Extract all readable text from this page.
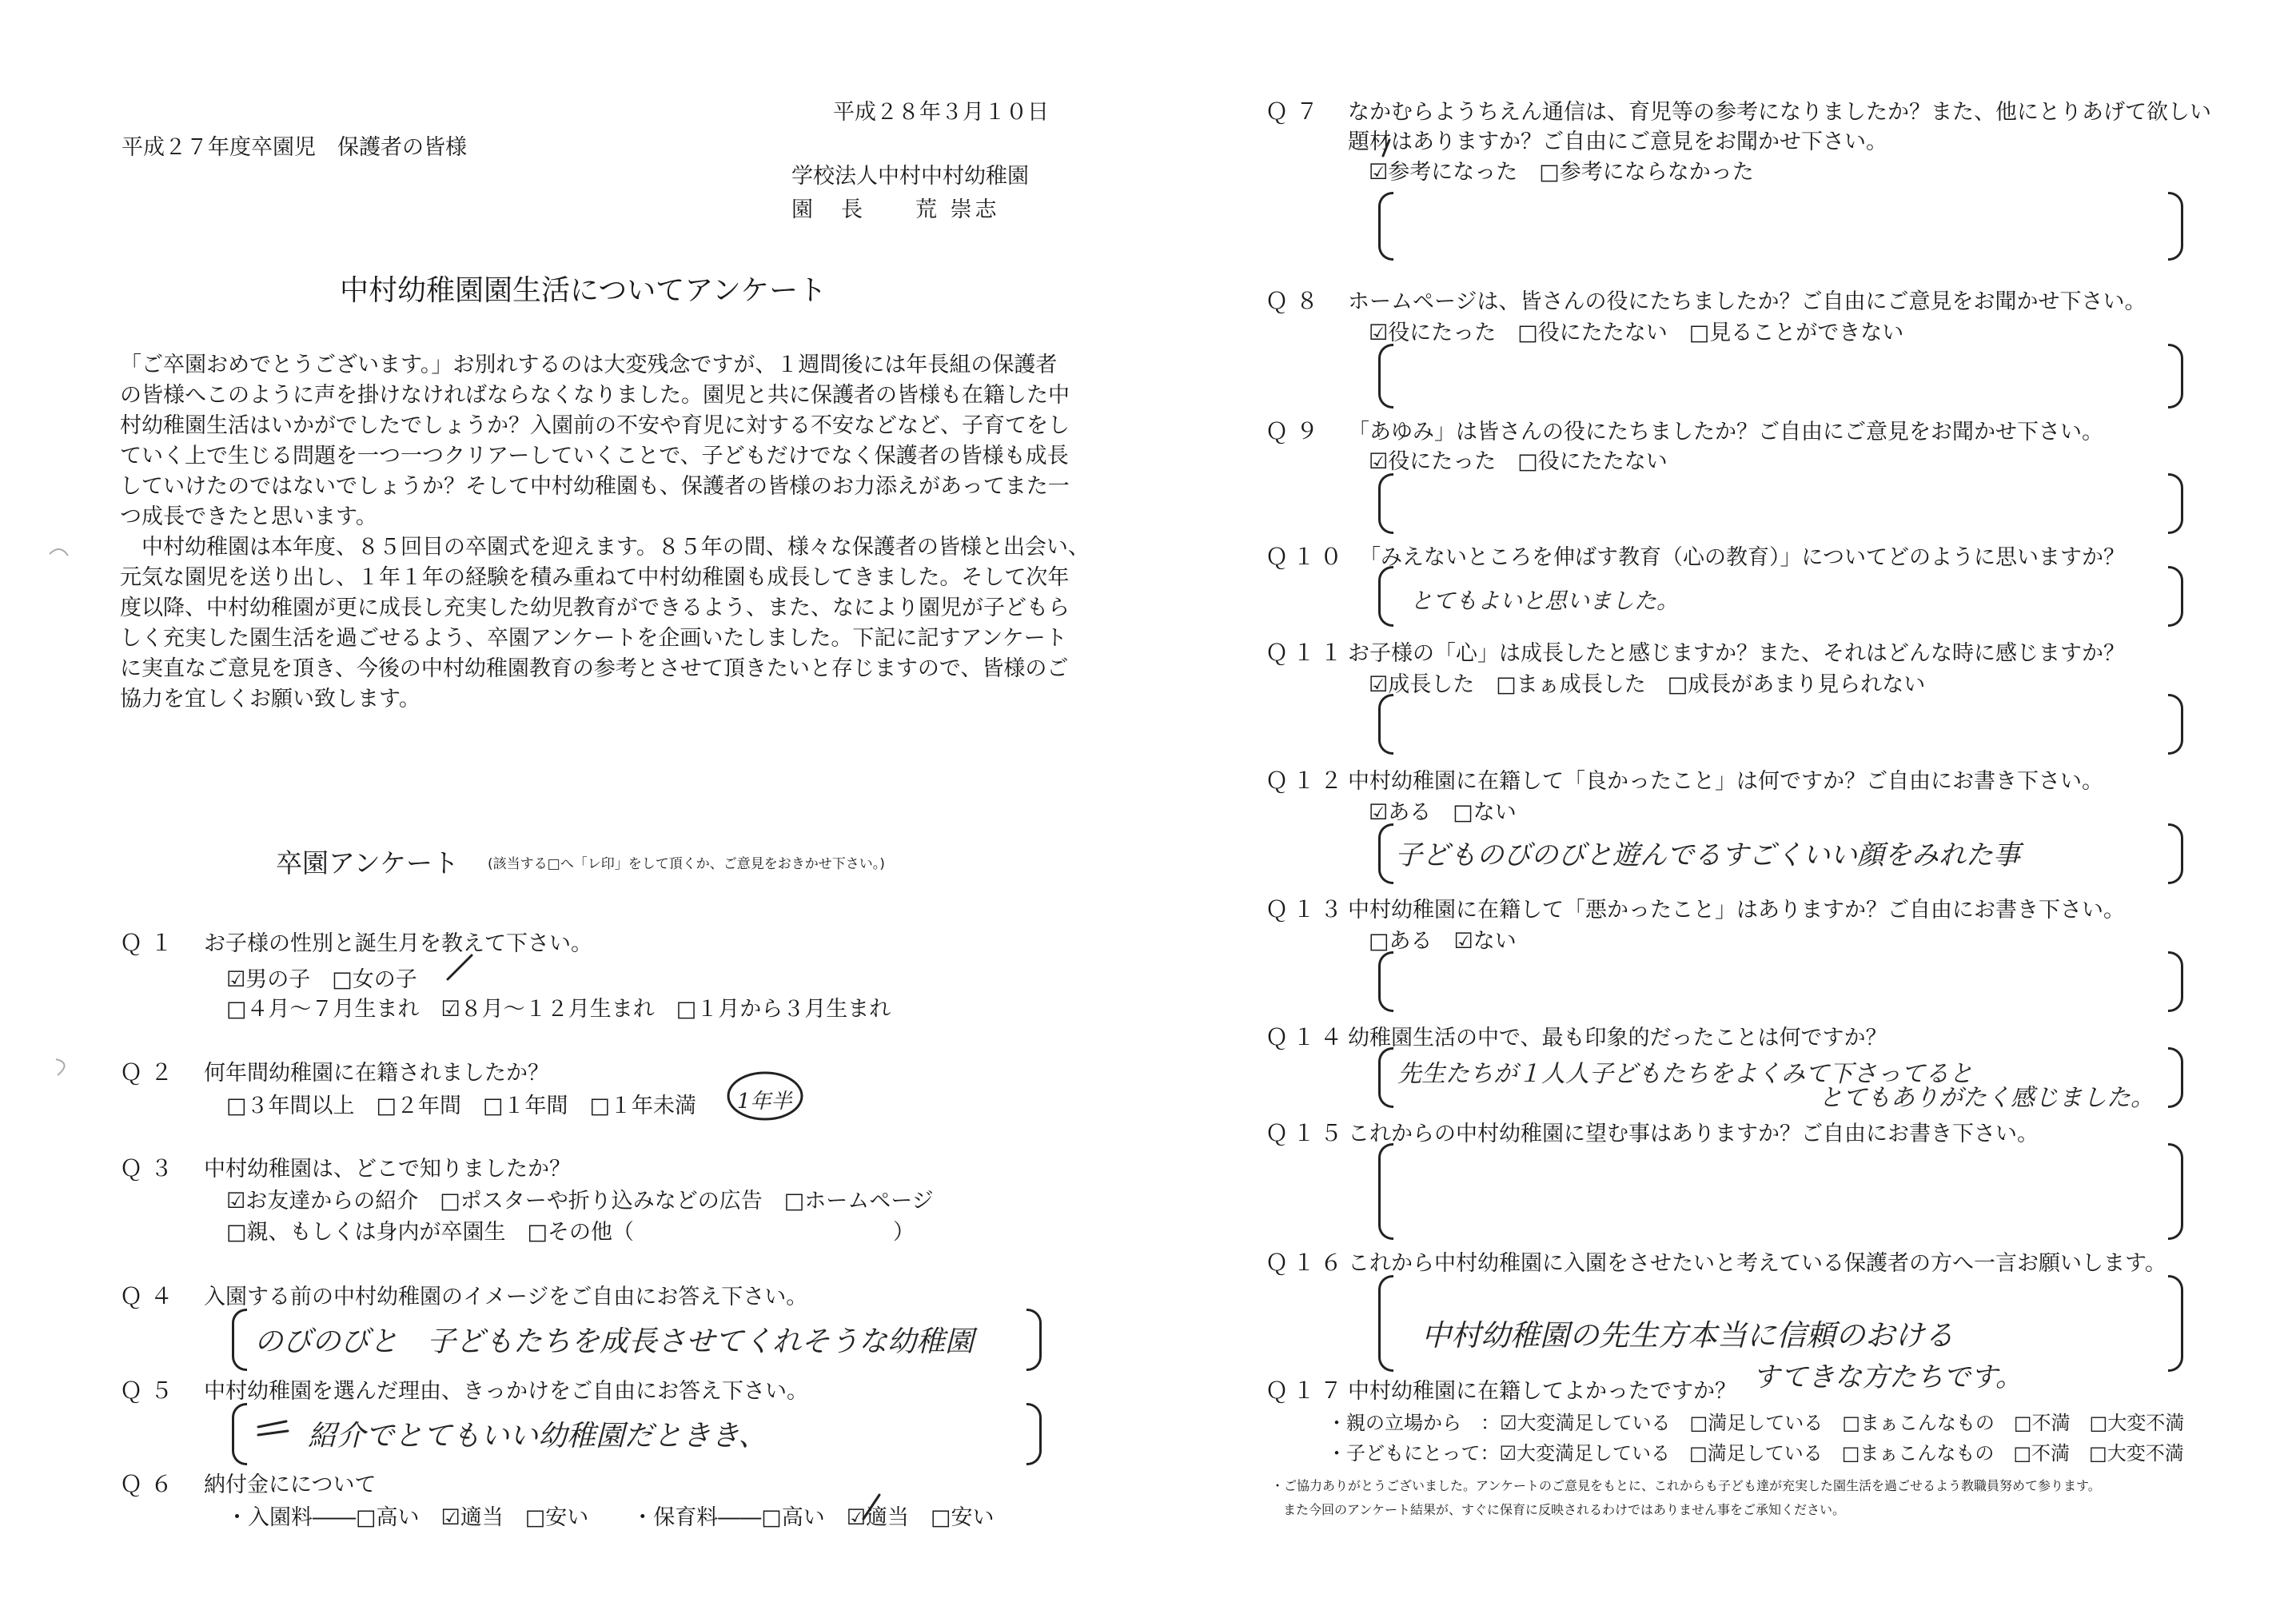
平成２８年３月１０日
平成２７年度卒園児　保護者の皆様
学校法人中村中村幼稚園
園　長　　荒 崇志
中村幼稚園園生活についてアンケート
「ご卒園おめでとうございます。」お別れするのは大変残念ですが、１週間後には年長組の保護者
の皆様へこのように声を掛けなければならなくなりました。園児と共に保護者の皆様も在籍した中
村幼稚園生活はいかがでしたでしょうか？入園前の不安や育児に対する不安などなど、子育てをし
ていく上で生じる問題を一つ一つクリアーしていくことで、子どもだけでなく保護者の皆様も成長
していけたのではないでしょうか？そして中村幼稚園も、保護者の皆様のお力添えがあってまた一
つ成長できたと思います。
　中村幼稚園は本年度、８５回目の卒園式を迎えます。８５年の間、様々な保護者の皆様と出会い、
元気な園児を送り出し、１年１年の経験を積み重ねて中村幼稚園も成長してきました。そして次年
度以降、中村幼稚園が更に成長し充実した幼児教育ができるよう、また、なにより園児が子どもら
しく充実した園生活を過ごせるよう、卒園アンケートを企画いたしました。下記に記すアンケート
に実直なご意見を頂き、今後の中村幼稚園教育の参考とさせて頂きたいと存じますので、皆様のご
協力を宜しくお願い致します。
卒園アンケート (該当する□へ「レ印」をして頂くか、ご意見をおきかせ下さい。)
Ｑ１ お子様の性別と誕生月を教えて下さい。
☑男の子　□女の子
□４月～７月生まれ　☑８月～１２月生まれ　□１月から３月生まれ
Ｑ２ 何年間幼稚園に在籍されましたか？
□３年間以上　□２年間　□１年間　□１年未満 1年半
Ｑ３ 中村幼稚園は、どこで知りましたか？
☑お友達からの紹介　□ポスターや折り込みなどの広告　□ホームページ
□親、もしくは身内が卒園生　□その他（　　　　　　　　　　　　）
Ｑ４ 入園する前の中村幼稚園のイメージをご自由にお答え下さい。
のびのびと　子どもたちを成長させてくれそうな幼稚園
Ｑ５ 中村幼稚園を選んだ理由、きっかけをご自由にお答え下さい。
紹介でとてもいい幼稚園だときき、
Ｑ６ 納付金にについて
・入園料――□高い　☑適当　□安い　　・保育料――□高い　☑適当　□安い
Ｑ７ なかむらようちえん通信は、育児等の参考になりましたか？また、他にとりあげて欲しい
題材はありますか？ご自由にご意見をお聞かせ下さい。
☑参考になった　□参考にならなかった
Ｑ８ ホームページは、皆さんの役にたちましたか？ご自由にご意見をお聞かせ下さい。
☑役にたった　□役にたたない　□見ることができない
Ｑ９ 「あゆみ」は皆さんの役にたちましたか？ご自由にご意見をお聞かせ下さい。
☑役にたった　□役にたたない
Ｑ１０ 「みえないところを伸ばす教育（心の教育）」についてどのように思いますか？
とてもよいと思いました。
Ｑ１１ お子様の「心」は成長したと感じますか？また、それはどんな時に感じますか？
☑成長した　□まぁ成長した　□成長があまり見られない
Ｑ１２ 中村幼稚園に在籍して「良かったこと」は何ですか？ご自由にお書き下さい。
☑ある　□ない
子どものびのびと遊んでるすごくいい顔をみれた事
Ｑ１３ 中村幼稚園に在籍して「悪かったこと」はありますか？ご自由にお書き下さい。
□ある　☑ない
Ｑ１４ 幼稚園生活の中で、最も印象的だったことは何ですか？
先生たちが１人人子どもたちをよくみて下さってると
とてもありがたく感じました。
Ｑ１５ これからの中村幼稚園に望む事はありますか？ご自由にお書き下さい。
Ｑ１６ これから中村幼稚園に入園をさせたいと考えている保護者の方へ一言お願いします。
中村幼稚園の先生方本当に信頼のおける
すてきな方たちです。
Ｑ１７ 中村幼稚園に在籍してよかったですか？
・親の立場から　：☑大変満足している　□満足している　□まぁこんなもの　□不満　□大変不満
・子どもにとって：☑大変満足している　□満足している　□まぁこんなもの　□不満　□大変不満
・ご協力ありがとうございました。アンケートのご意見をもとに、これからも子ども達が充実した園生活を過ごせるよう教職員努めて参ります。
また今回のアンケート結果が、すぐに保育に反映されるわけではありません事をご承知ください。
